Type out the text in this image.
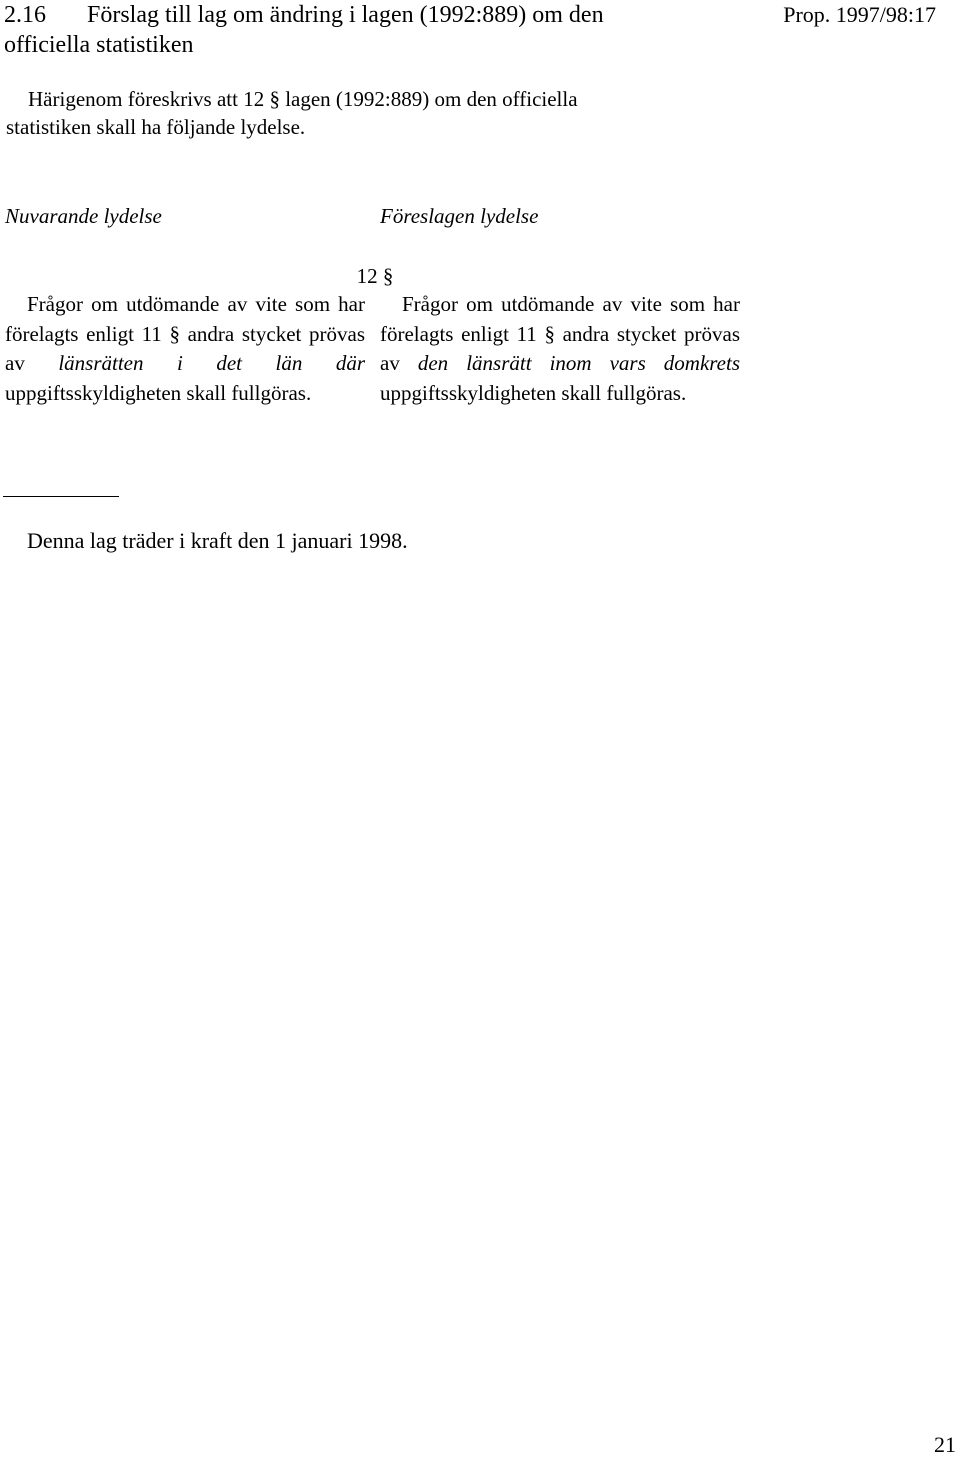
2.16 Förslag till lag om ändring i lagen (1992:889) om den
officiella statistiken
Prop. 1997/98:17
Härigenom föreskrivs att 12 § lagen (1992:889) om den officiella
statistiken skall ha följande lydelse.
Nuvarande lydelse	Föreslagen lydelse
12 §
Frågor om utdömande av vite som har förelagts enligt 11 § andra stycket prövas av länsrätten i det län där uppgiftsskyldigheten skall fullgöras.
Frågor om utdömande av vite som har förelagts enligt 11 § andra stycket prövas av den länsrätt inom vars domkrets uppgiftsskyldigheten skall fullgöras.
Denna lag träder i kraft den 1 januari 1998.
21
